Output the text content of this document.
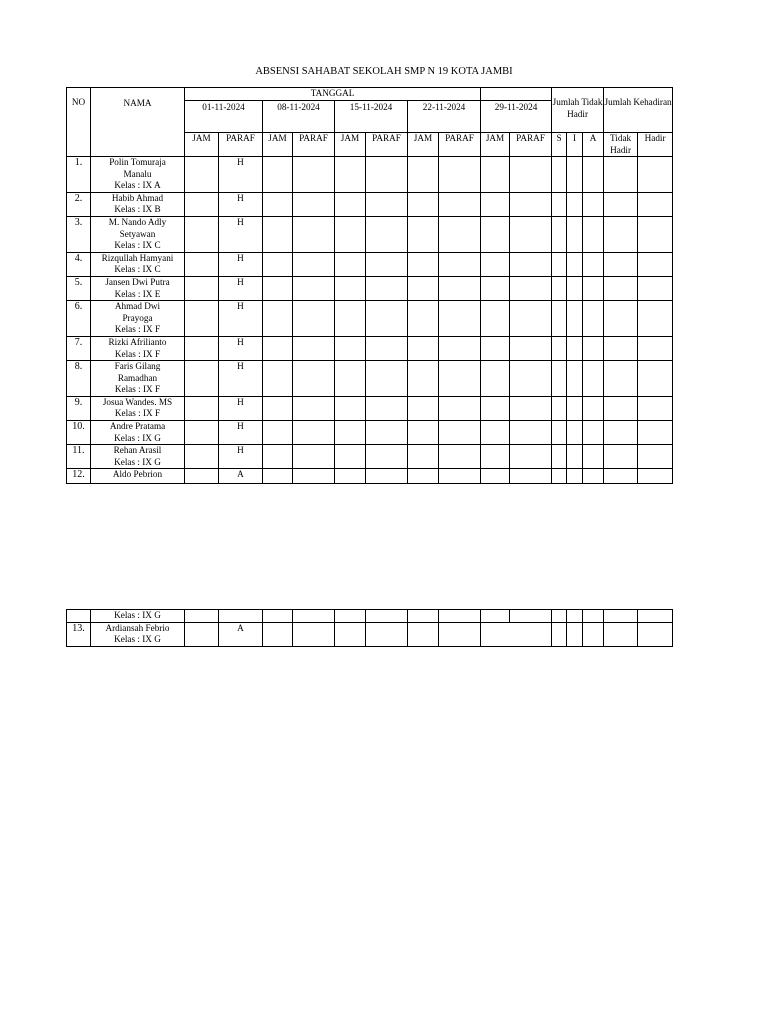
ABSENSI SAHABAT SEKOLAH SMP N 19 KOTA JAMBI
NO	NAMA	TANGGAL										Jumlah Tidak Hadir			Jumlah Kehadiran	
		01-11-2024		08-11-2024		15-11-2024		22-11-2024		29-11-2024						
		JAM	PARAF	JAM	PARAF	JAM	PARAF	JAM	PARAF	JAM	PARAF	S	I	A	Tidak Hadir	Hadir
1.	Polin Tomuraja
Manalu
Kelas : IX A		H													
2.	Habib Ahmad
Kelas : IX B		H													
3.	M. Nando Adly
Setyawan
Kelas : IX C		H													
4.	Rizqullah Hamyani
Kelas : IX C		H													
5.	Jansen Dwi Putra
Kelas : IX E		H													
6.	Ahmad Dwi
Prayoga
Kelas : IX F		H													
7.	Rizki Afrilianto
Kelas : IX F		H													
8.	Faris Gilang
Ramadhan
Kelas : IX F		H													
9.	Josua Wandes. MS
Kelas : IX F		H													
10.	Andre Pratama
Kelas : IX G		H													
11.	Rehan Arasil
Kelas : IX G		H													
12.	Aldo Pebrion		A													
	Kelas : IX G															
13.	Ardiansah Febrio
Kelas : IX G		A													
